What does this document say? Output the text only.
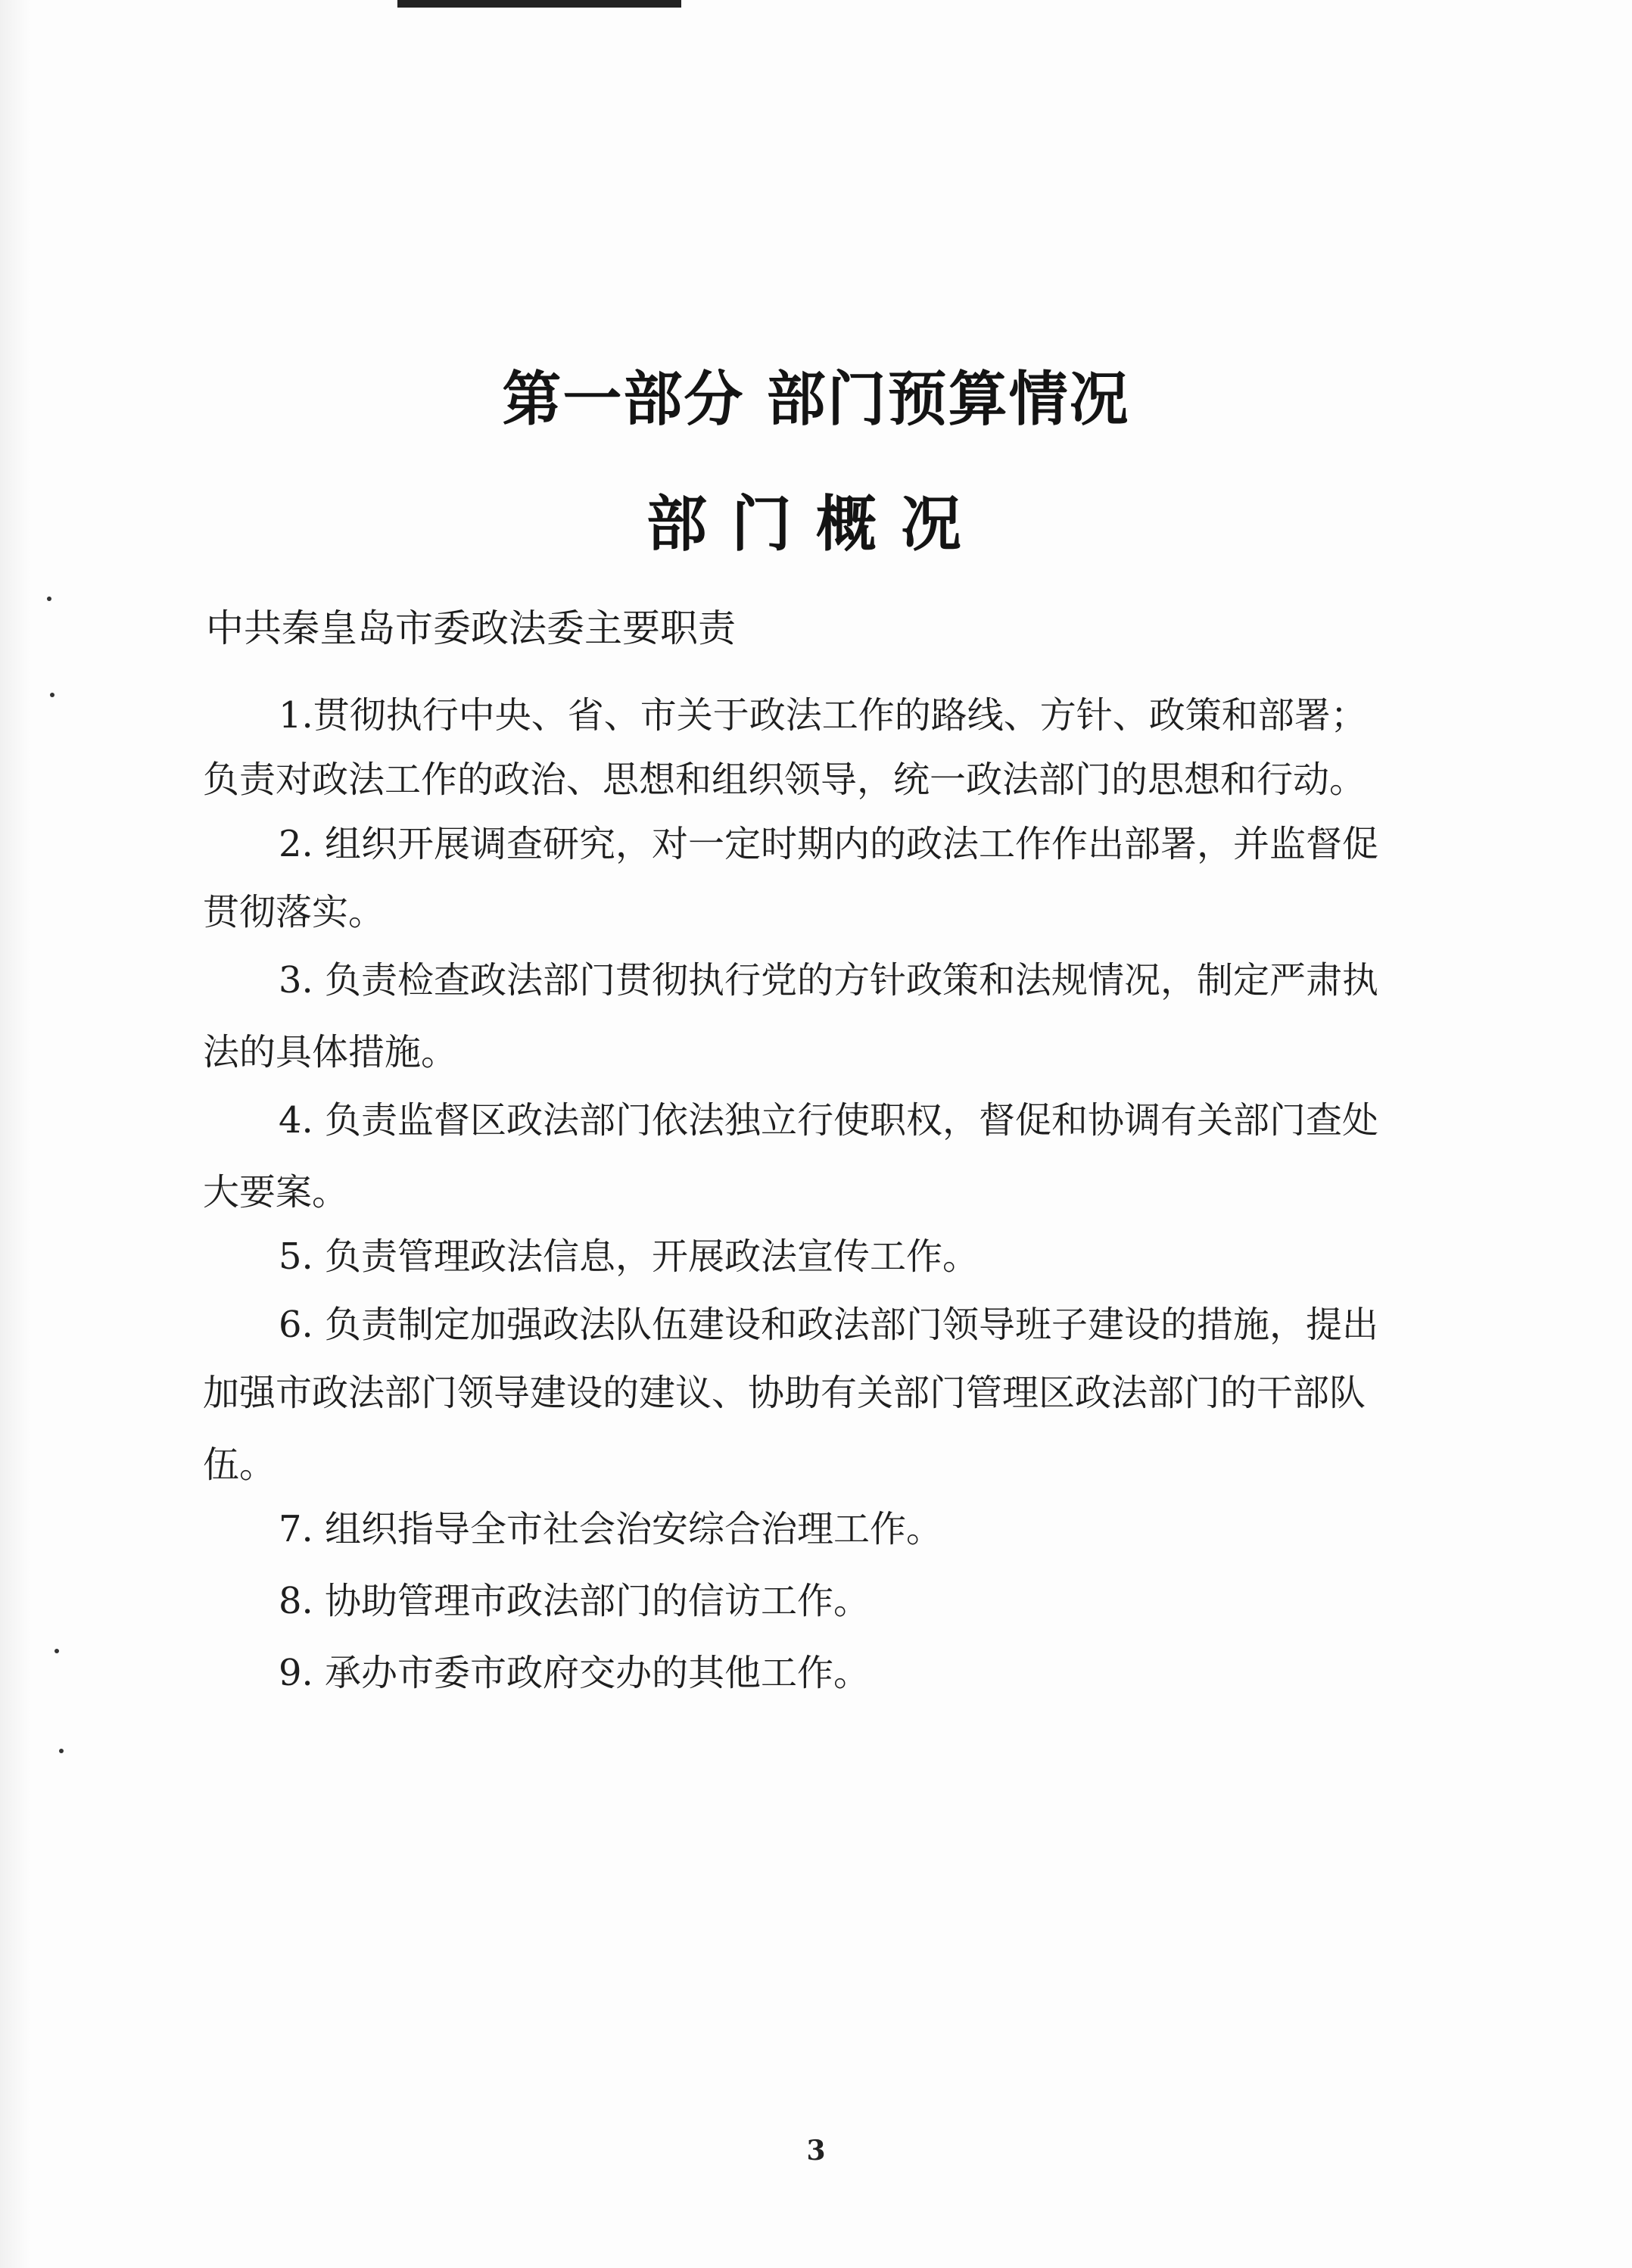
第一部分 部门预算情况
部门概况
中共秦皇岛市委政法委主要职责
1.贯彻执行中央、省、市关于政法工作的路线、方针、政策和部署；
负责对政法工作的政治、思想和组织领导，统一政法部门的思想和行动。
2. 组织开展调查研究，对一定时期内的政法工作作出部署，并监督促
贯彻落实。
3. 负责检查政法部门贯彻执行党的方针政策和法规情况，制定严肃执
法的具体措施。
4. 负责监督区政法部门依法独立行使职权，督促和协调有关部门查处
大要案。
5. 负责管理政法信息，开展政法宣传工作。
6. 负责制定加强政法队伍建设和政法部门领导班子建设的措施，提出
加强市政法部门领导建设的建议、协助有关部门管理区政法部门的干部队
伍。
7. 组织指导全市社会治安综合治理工作。
8. 协助管理市政法部门的信访工作。
9. 承办市委市政府交办的其他工作。
3
